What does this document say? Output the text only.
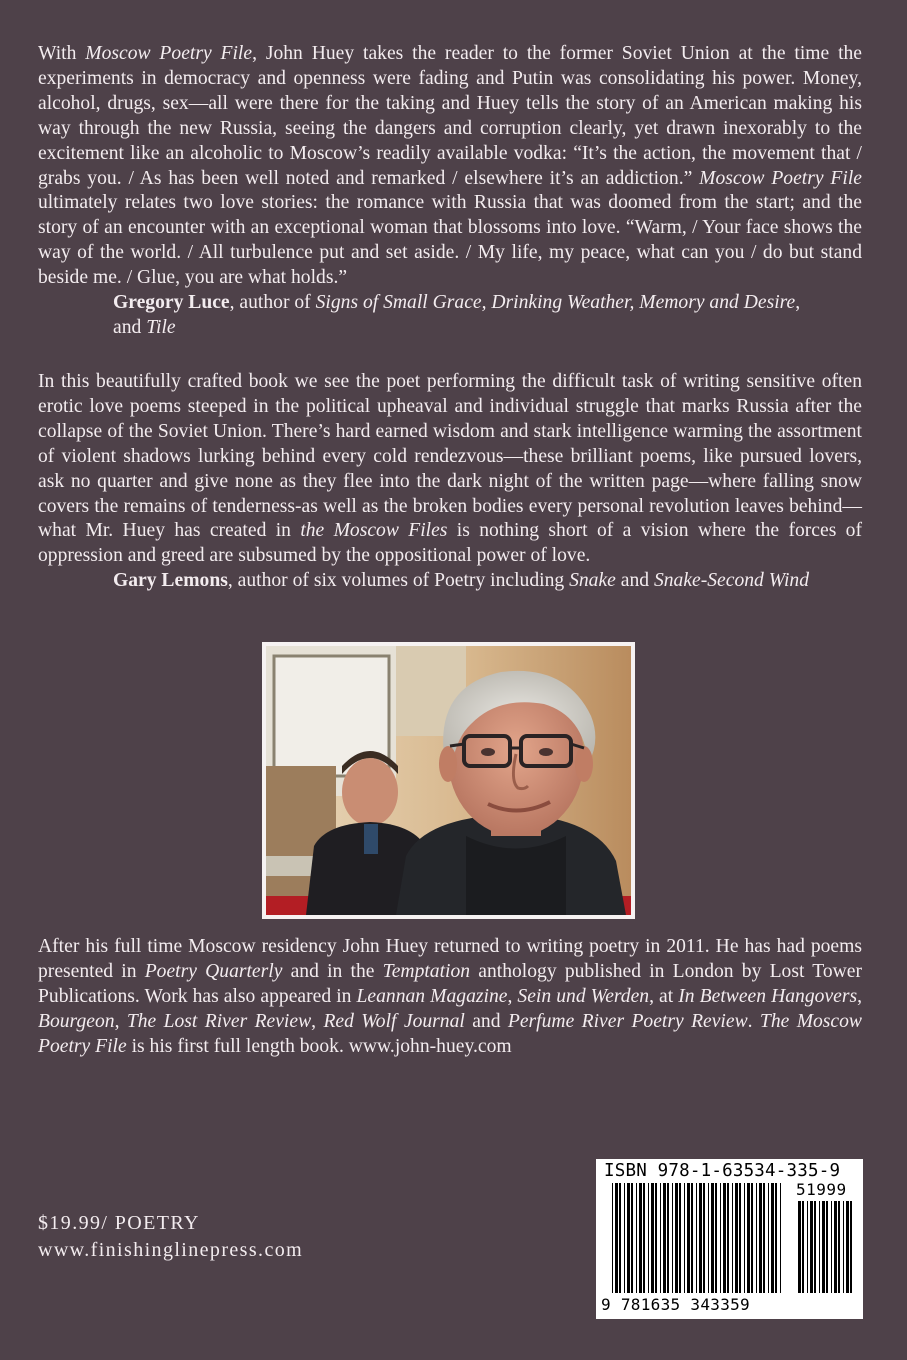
With Moscow Poetry File, John Huey takes the reader to the former Soviet Union at the time the experiments in democracy and openness were fading and Putin was consolidating his power. Money, alcohol, drugs, sex—all were there for the taking and Huey tells the story of an American making his way through the new Russia, seeing the dangers and corruption clearly, yet drawn inexorably to the excitement like an alcoholic to Moscow’s readily available vodka: “It’s the action, the movement that / grabs you. / As has been well noted and remarked / elsewhere it’s an addiction.” Moscow Poetry File ultimately relates two love stories: the romance with Russia that was doomed from the start; and the story of an encounter with an exceptional woman that blossoms into love. “Warm, / Your face shows the way of the world. / All turbulence put and set aside. / My life, my peace, what can you / do but stand beside me. / Glue, you are what holds.”

Gregory Luce, author of Signs of Small Grace, Drinking Weather, Memory and Desire,
and Tile

In this beautifully crafted book we see the poet performing the difficult task of writing sensitive often erotic love poems steeped in the political upheaval and individual struggle that marks Russia after the collapse of the Soviet Union. There’s hard earned wisdom and stark intelligence warming the assortment of violent shadows lurking behind every cold rendezvous—these brilliant poems, like pursued lovers, ask no quarter and give none as they flee into the dark night of the written page—where falling snow covers the remains of tenderness-as well as the broken bodies every personal revolution leaves behind—what Mr. Huey has created in the Moscow Files is nothing short of a vision where the forces of oppression and greed are subsumed by the oppositional power of love.

Gary Lemons, author of six volumes of Poetry including Snake and Snake-Second Wind

After his full time Moscow residency John Huey returned to writing poetry in 2011. He has had poems presented in Poetry Quarterly and in the Temptation anthology published in London by Lost Tower Publications. Work has also appeared in Leannan Magazine, Sein und Werden, at In Between Hangovers, Bourgeon, The Lost River Review, Red Wolf Journal and Perfume River Poetry Review. The Moscow Poetry File is his first full length book. www.john-huey.com
$19.99/ POETRY
www.finishinglinepress.com
ISBN 978-1-63534-335-9
51999
9 781635 343359
